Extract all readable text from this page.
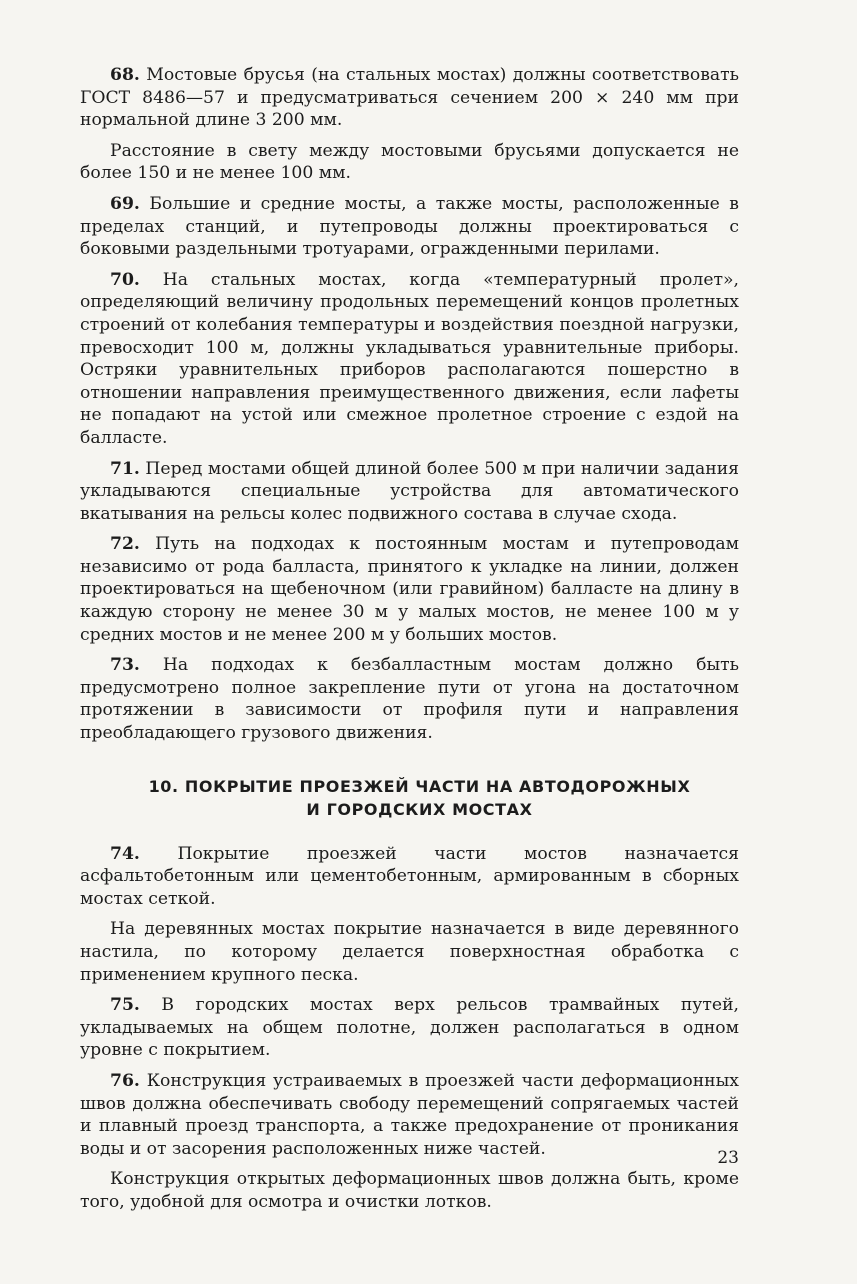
68. Мостовые брусья (на стальных мостах) должны соответствовать ГОСТ 8486—57 и предусматриваться сечением 200 × 240 мм при нормальной длине 3 200 мм.

Расстояние в свету между мостовыми брусьями допускается не более 150 и не менее 100 мм.

69. Большие и средние мосты, а также мосты, расположенные в пределах станций, и путепроводы должны проектироваться с боковыми раздельными тротуарами, огражденными перилами.

70. На стальных мостах, когда «температурный пролет», определяющий величину продольных перемещений концов пролетных строений от колебания температуры и воздействия поездной нагрузки, превосходит 100 м, должны укладываться уравнительные приборы. Остряки уравнительных приборов располагаются пошерстно в отношении направления преимущественного движения, если лафеты не попадают на устой или смежное пролетное строение с ездой на балласте.

71. Перед мостами общей длиной более 500 м при наличии задания укладываются специальные устройства для автоматического вкатывания на рельсы колес подвижного состава в случае схода.

72. Путь на подходах к постоянным мостам и путепроводам независимо от рода балласта, принятого к укладке на линии, должен проектироваться на щебеночном (или гравийном) балласте на длину в каждую сторону не менее 30 м у малых мостов, не менее 100 м у средних мостов и не менее 200 м у больших мостов.

73. На подходах к безбалластным мостам должно быть предусмотрено полное закрепление пути от угона на достаточном протяжении в зависимости от профиля пути и направления преобладающего грузового движения.

10. ПОКРЫТИЕ ПРОЕЗЖЕЙ ЧАСТИ НА АВТОДОРОЖНЫХ
И ГОРОДСКИХ МОСТАХ

74. Покрытие проезжей части мостов назначается асфальтобетонным или цементобетонным, армированным в сборных мостах сеткой.

На деревянных мостах покрытие назначается в виде деревянного настила, по которому делается поверхностная обработка с применением крупного песка.

75. В городских мостах верх рельсов трамвайных путей, укладываемых на общем полотне, должен располагаться в одном уровне с покрытием.

76. Конструкция устраиваемых в проезжей части деформационных швов должна обеспечивать свободу перемещений сопрягаемых частей и плавный проезд транспорта, а также предохранение от проникания воды и от засорения расположенных ниже частей.

Конструкция открытых деформационных швов должна быть, кроме того, удобной для осмотра и очистки лотков.

23
